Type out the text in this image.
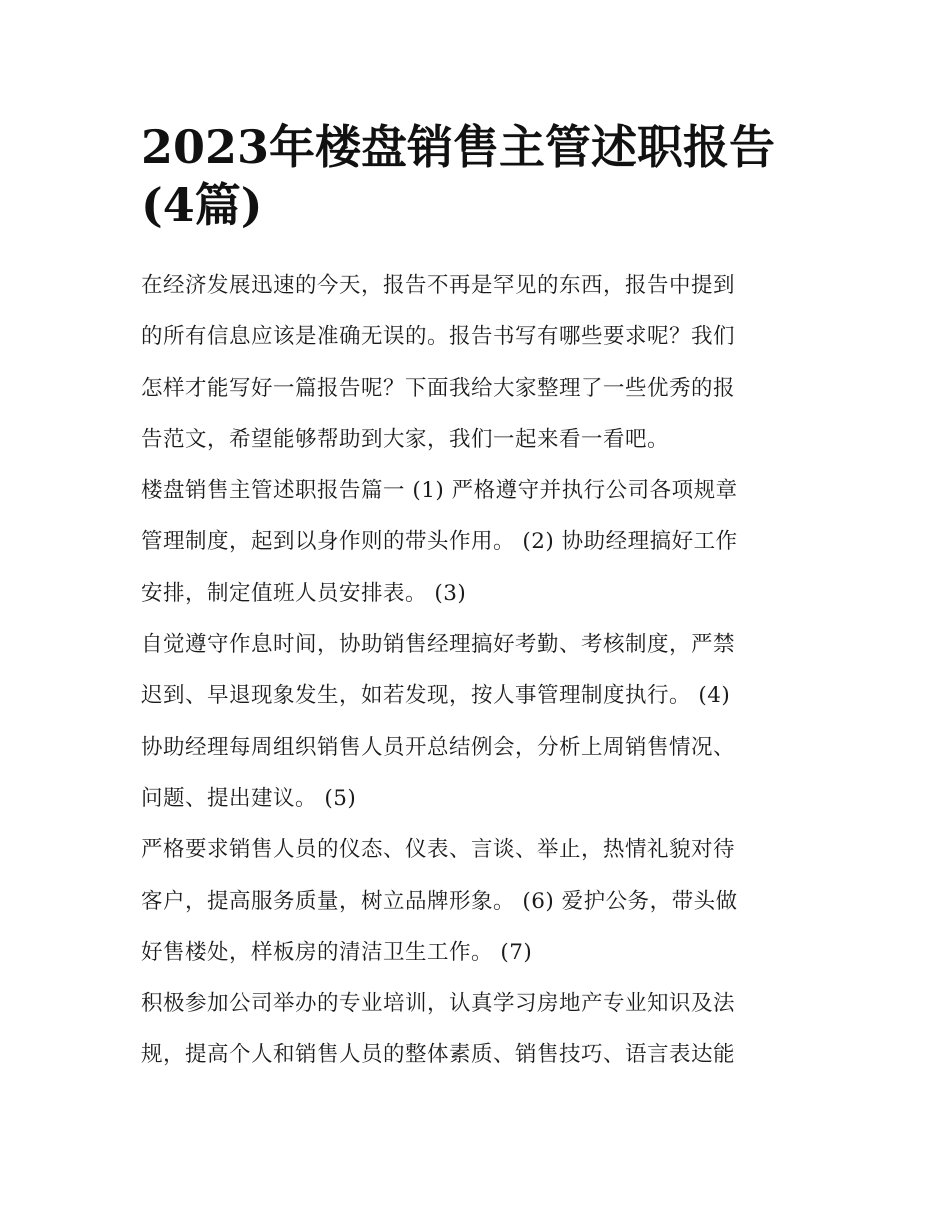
2023年楼盘销售主管述职报告
(4篇)

在经济发展迅速的今天，报告不再是罕见的东西，报告中提到
的所有信息应该是准确无误的。报告书写有哪些要求呢？我们
怎样才能写好一篇报告呢？下面我给大家整理了一些优秀的报
告范文，希望能够帮助到大家，我们一起来看一看吧。

楼盘销售主管述职报告篇一 (1) 严格遵守并执行公司各项规章
管理制度，起到以身作则的带头作用。 (2) 协助经理搞好工作
安排，制定值班人员安排表。 (3)

自觉遵守作息时间，协助销售经理搞好考勤、考核制度，严禁
迟到、早退现象发生，如若发现，按人事管理制度执行。 (4)
协助经理每周组织销售人员开总结例会，分析上周销售情况、
问题、提出建议。 (5)

严格要求销售人员的仪态、仪表、言谈、举止，热情礼貌对待
客户，提高服务质量，树立品牌形象。 (6) 爱护公务，带头做
好售楼处，样板房的清洁卫生工作。 (7)

积极参加公司举办的专业培训，认真学习房地产专业知识及法
规，提高个人和销售人员的整体素质、销售技巧、语言表达能
